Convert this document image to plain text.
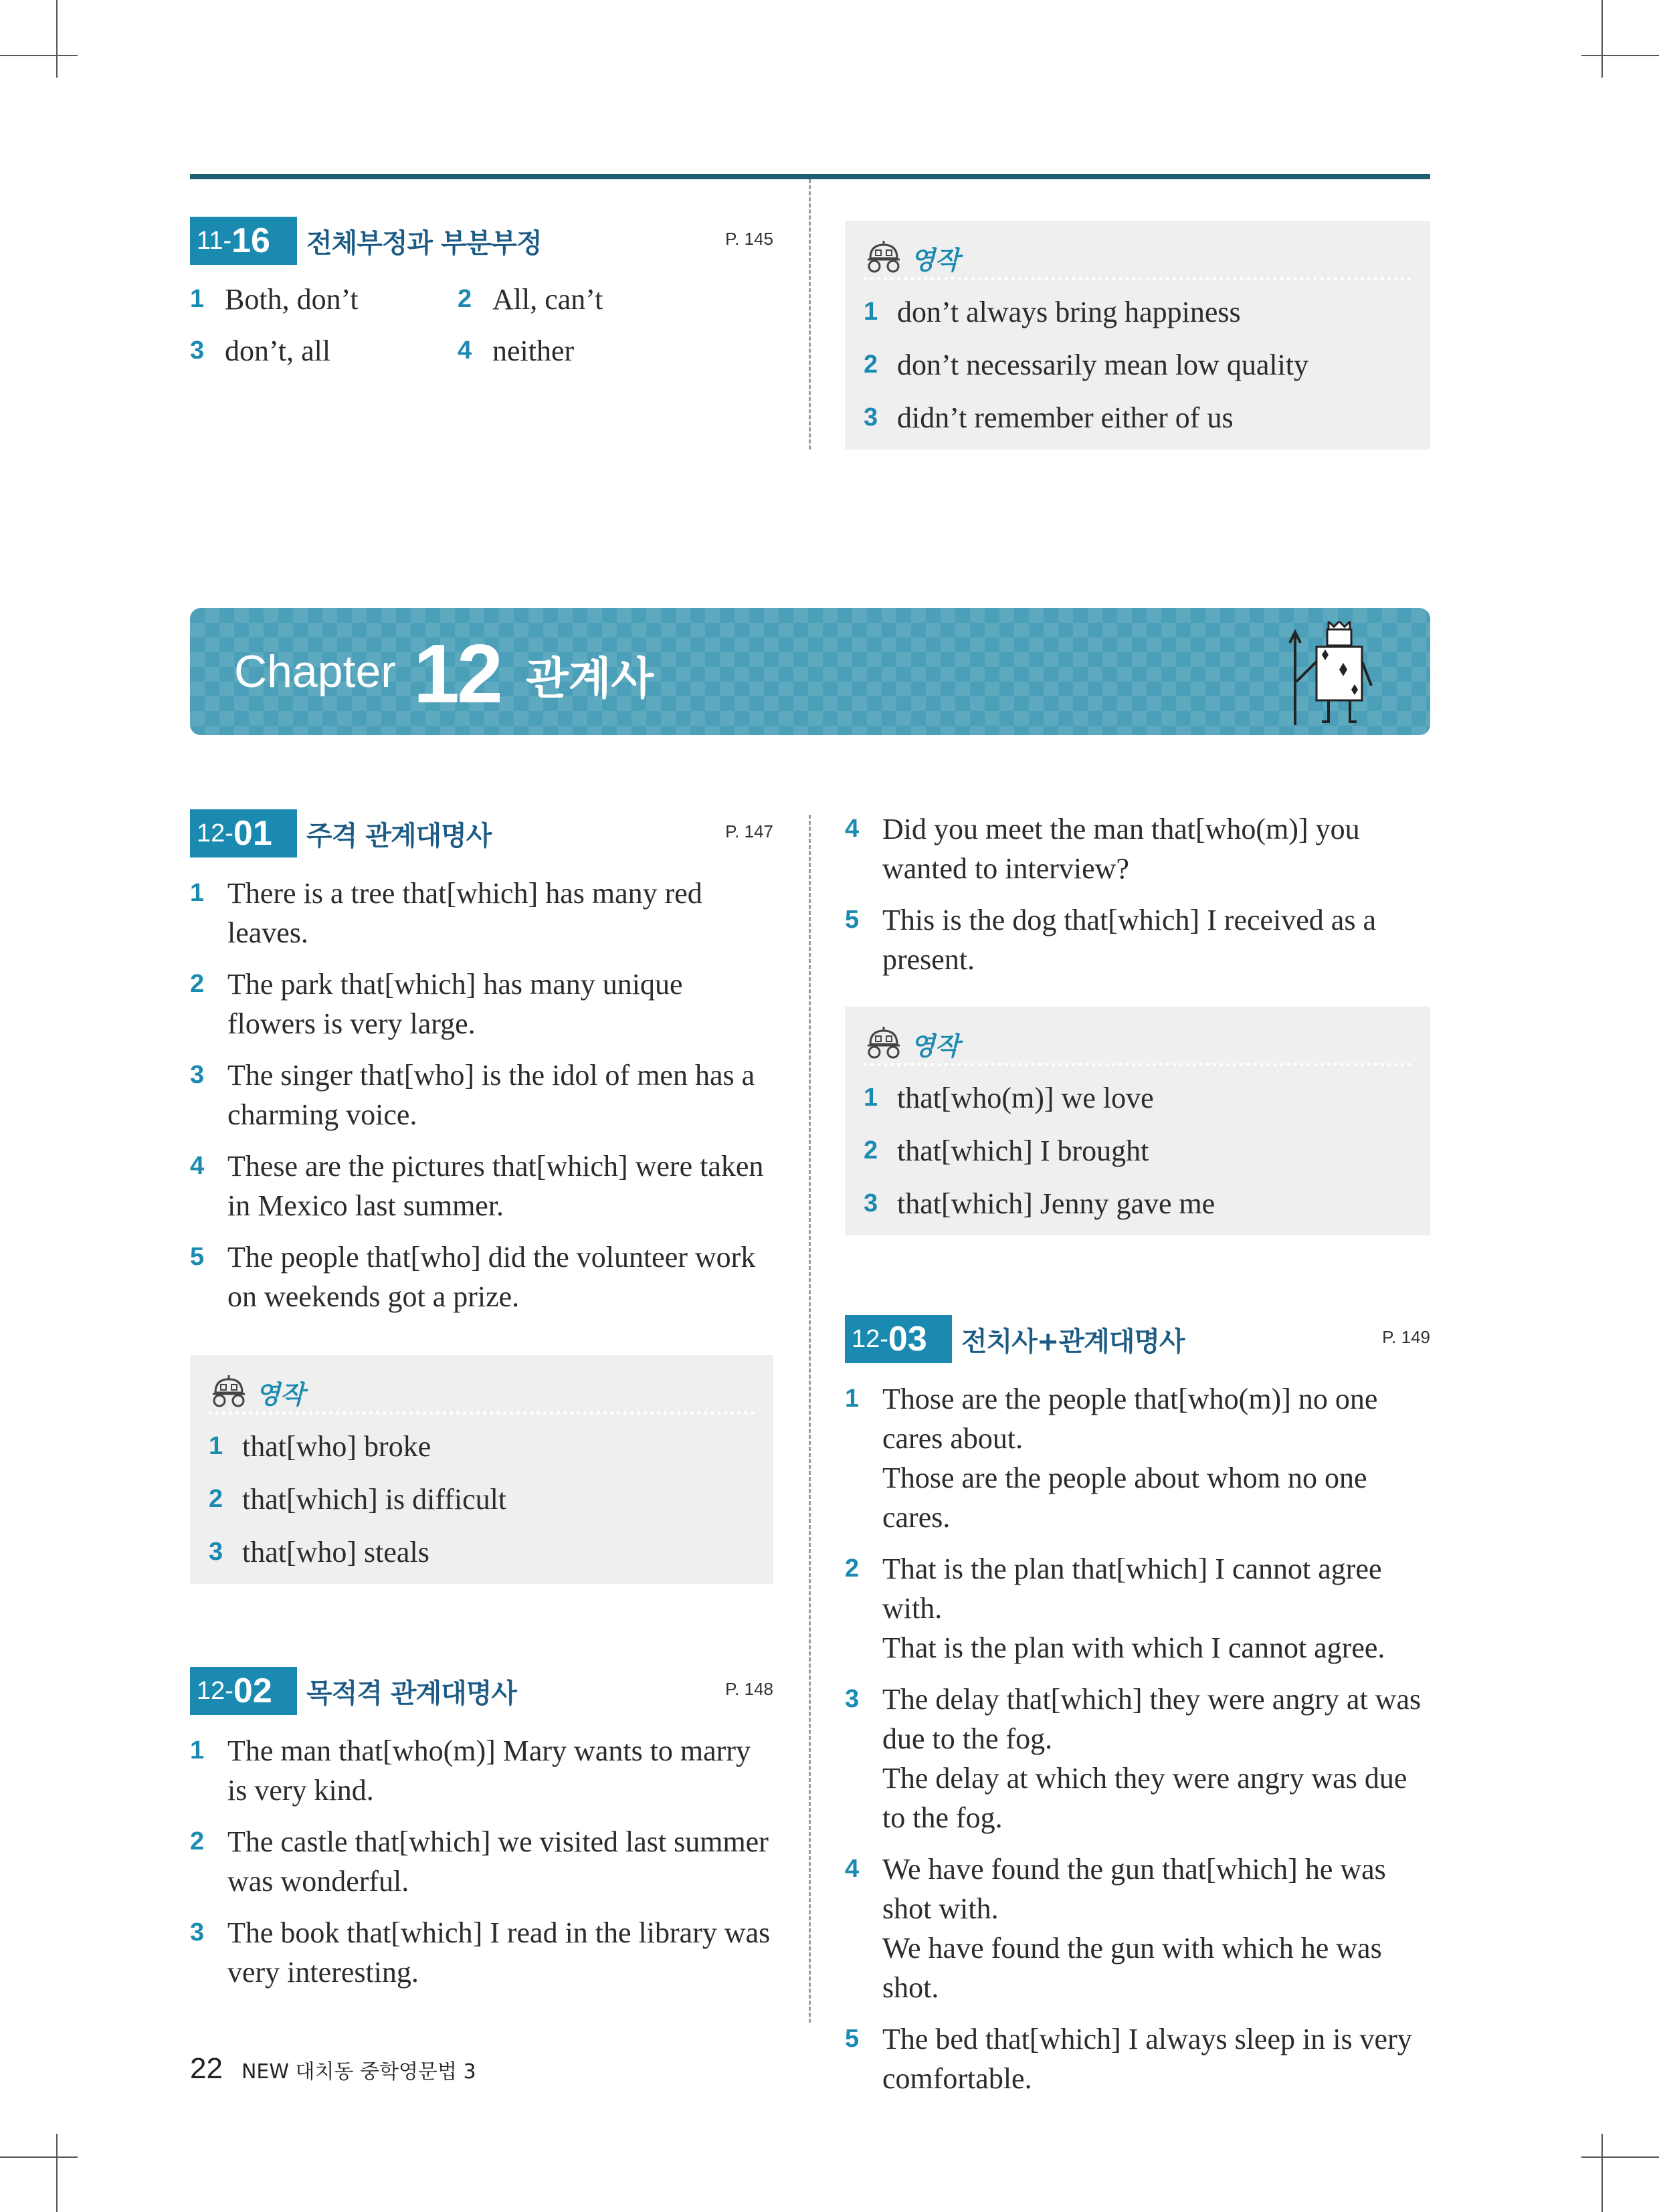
11- 16 전체부정과 부분부정	P. 145
1 Both, don’t	2 All, can’t
3 don’t, all	4 neither
영작
1 don’t always bring happiness
2 don’t necessarily mean low quality
3 didn’t remember either of us
Chapter 12 관계사
12- 01 주격 관계대명사	P. 147
1 There is a tree that[which] has many red leaves.
2 The park that[which] has many unique flowers is very large.
3 The singer that[who] is the idol of men has a charming voice.
4 These are the pictures that[which] were taken in Mexico last summer.
5 The people that[who] did the volunteer work on weekends got a prize.
영작
1 that[who] broke
2 that[which] is difficult
3 that[who] steals
12- 02 목적격 관계대명사	P. 148
1 The man that[who(m)] Mary wants to marry is very kind.
2 The castle that[which] we visited last summer was wonderful.
3 The book that[which] I read in the library was very interesting.
4 Did you meet the man that[who(m)] you wanted to interview?
5 This is the dog that[which] I received as a present.
영작
1 that[who(m)] we love
2 that[which] I brought
3 that[which] Jenny gave me
12- 03 전치사+관계대명사	P. 149
1 Those are the people that[who(m)] no one cares about.
Those are the people about whom no one cares.
2 That is the plan that[which] I cannot agree with.
That is the plan with which I cannot agree.
3 The delay that[which] they were angry at was due to the fog.
The delay at which they were angry was due to the fog.
4 We have found the gun that[which] he was shot with.
We have found the gun with which he was shot.
5 The bed that[which] I always sleep in is very comfortable.
22 NEW 대치동 중학영문법 3
